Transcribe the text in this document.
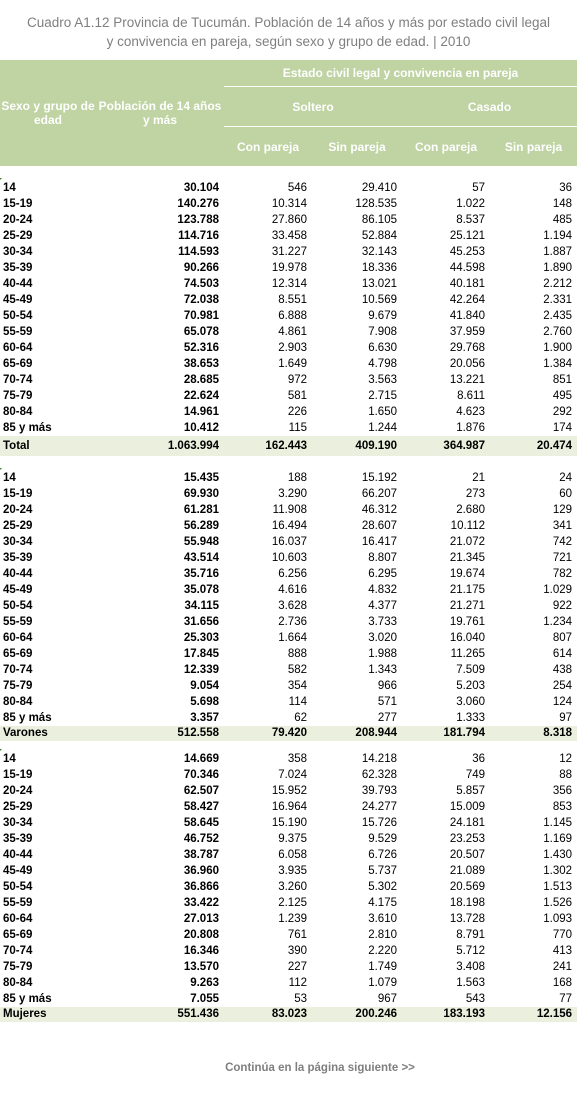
Cuadro A1.12 Provincia de Tucumán. Población de 14 años y más por estado civil legal
y convivencia en pareja, según sexo y grupo de edad. | 2010
Sexo y grupo de edad	Población de 14 años y más	Estado civil legal y convivencia en pareja			
		Soltero		Casado	
		Con pareja	Sin pareja	Con pareja	Sin pareja

14	30.104	546	29.410	57	36
15-19	140.276	10.314	128.535	1.022	148
20-24	123.788	27.860	86.105	8.537	485
25-29	114.716	33.458	52.884	25.121	1.194
30-34	114.593	31.227	32.143	45.253	1.887
35-39	90.266	19.978	18.336	44.598	1.890
40-44	74.503	12.314	13.021	40.181	2.212
45-49	72.038	8.551	10.569	42.264	2.331
50-54	70.981	6.888	9.679	41.840	2.435
55-59	65.078	4.861	7.908	37.959	2.760
60-64	52.316	2.903	6.630	29.768	1.900
65-69	38.653	1.649	4.798	20.056	1.384
70-74	28.685	972	3.563	13.221	851
75-79	22.624	581	2.715	8.611	495
80-84	14.961	226	1.650	4.623	292
85 y más	10.412	115	1.244	1.876	174
Total	1.063.994	162.443	409.190	364.987	20.474

14	15.435	188	15.192	21	24
15-19	69.930	3.290	66.207	273	60
20-24	61.281	11.908	46.312	2.680	129
25-29	56.289	16.494	28.607	10.112	341
30-34	55.948	16.037	16.417	21.072	742
35-39	43.514	10.603	8.807	21.345	721
40-44	35.716	6.256	6.295	19.674	782
45-49	35.078	4.616	4.832	21.175	1.029
50-54	34.115	3.628	4.377	21.271	922
55-59	31.656	2.736	3.733	19.761	1.234
60-64	25.303	1.664	3.020	16.040	807
65-69	17.845	888	1.988	11.265	614
70-74	12.339	582	1.343	7.509	438
75-79	9.054	354	966	5.203	254
80-84	5.698	114	571	3.060	124
85 y más	3.357	62	277	1.333	97
Varones	512.558	79.420	208.944	181.794	8.318

14	14.669	358	14.218	36	12
15-19	70.346	7.024	62.328	749	88
20-24	62.507	15.952	39.793	5.857	356
25-29	58.427	16.964	24.277	15.009	853
30-34	58.645	15.190	15.726	24.181	1.145
35-39	46.752	9.375	9.529	23.253	1.169
40-44	38.787	6.058	6.726	20.507	1.430
45-49	36.960	3.935	5.737	21.089	1.302
50-54	36.866	3.260	5.302	20.569	1.513
55-59	33.422	2.125	4.175	18.198	1.526
60-64	27.013	1.239	3.610	13.728	1.093
65-69	20.808	761	2.810	8.791	770
70-74	16.346	390	2.220	5.712	413
75-79	13.570	227	1.749	3.408	241
80-84	9.263	112	1.079	1.563	168
85 y más	7.055	53	967	543	77
Mujeres	551.436	83.023	200.246	183.193	12.156
Continúa en la página siguiente >>
